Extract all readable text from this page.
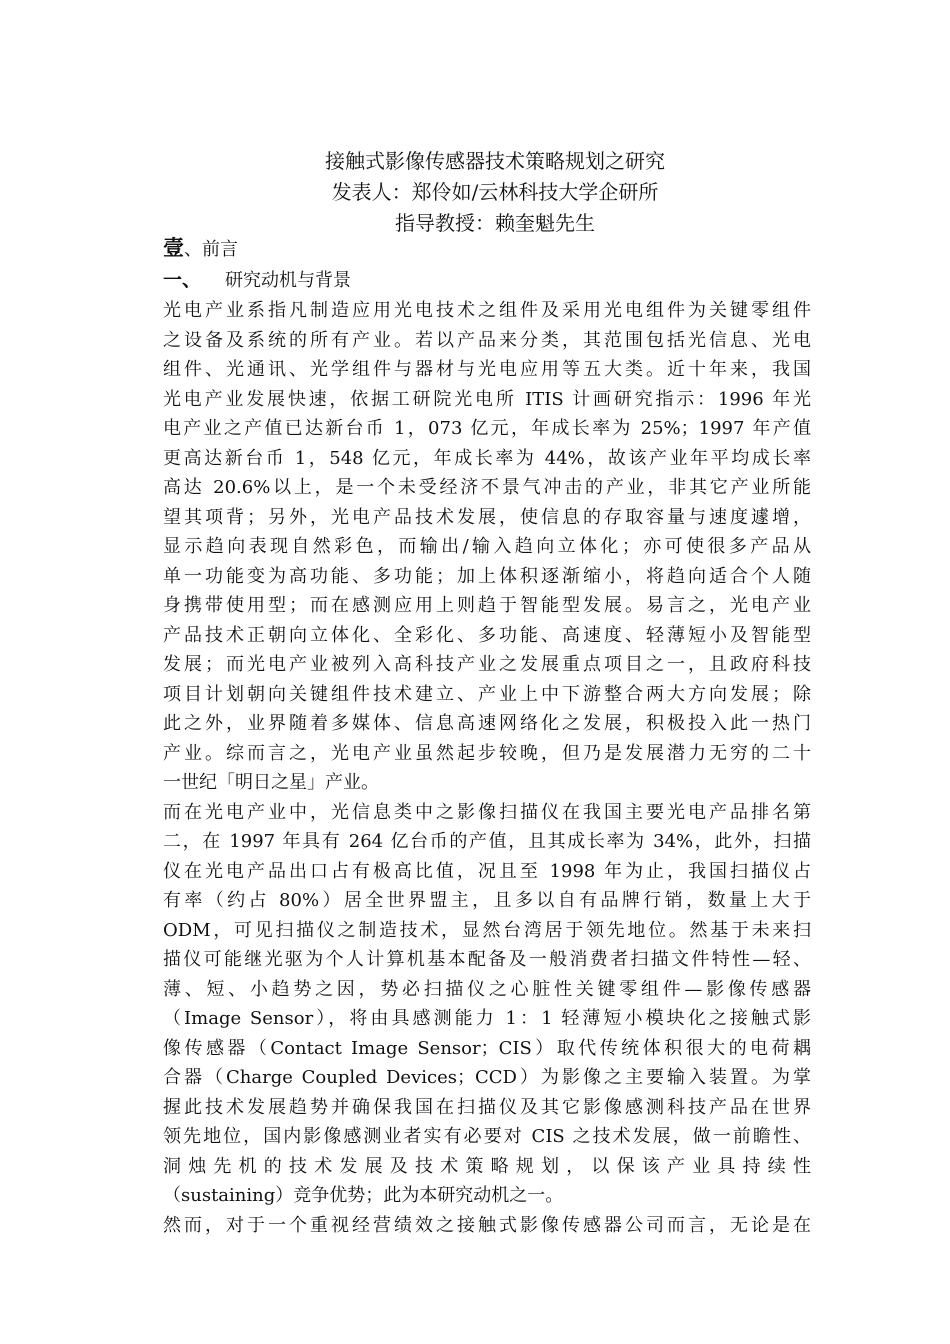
接触式影像传感器技术策略规划之研究
发表人：郑伶如/云林科技大学企研所
指导教授：赖奎魁先生
壹、前言
一、 研究动机与背景
光电产业系指凡制造应用光电技术之组件及采用光电组件为关键零组件
之设备及系统的所有产业。若以产品来分类，其范围包括光信息、光电
组件、光通讯、光学组件与器材与光电应用等五大类。近十年来，我国
光电产业发展快速，依据工研院光电所 ITIS 计画研究指示：1996 年光
电产业之产值已达新台币 1，073 亿元，年成长率为 25%；1997 年产值
更高达新台币 1，548 亿元，年成长率为 44%，故该产业年平均成长率
高达 20.6%以上，是一个未受经济不景气冲击的产业，非其它产业所能
望其项背；另外，光电产品技术发展，使信息的存取容量与速度遽增，
显示趋向表现自然彩色，而输出/输入趋向立体化；亦可使很多产品从
单一功能变为高功能、多功能；加上体积逐渐缩小，将趋向适合个人随
身携带使用型；而在感测应用上则趋于智能型发展。易言之，光电产业
产品技术正朝向立体化、全彩化、多功能、高速度、轻薄短小及智能型
发展；而光电产业被列入高科技产业之发展重点项目之一，且政府科技
项目计划朝向关键组件技术建立、产业上中下游整合两大方向发展；除
此之外，业界随着多媒体、信息高速网络化之发展，积极投入此一热门
产业。综而言之，光电产业虽然起步较晚，但乃是发展潜力无穷的二十
一世纪「明日之星」产业。
而在光电产业中，光信息类中之影像扫描仪在我国主要光电产品排名第
二，在 1997 年具有 264 亿台币的产值，且其成长率为 34%，此外，扫描
仪在光电产品出口占有极高比值，况且至 1998 年为止，我国扫描仪占
有率（约占 80%）居全世界盟主，且多以自有品牌行销，数量上大于
ODM，可见扫描仪之制造技术，显然台湾居于领先地位。然基于未来扫
描仪可能继光驱为个人计算机基本配备及一般消费者扫描文件特性—轻、
薄、短、小趋势之因，势必扫描仪之心脏性关键零组件—影像传感器
（Image Sensor），将由具感测能力 1：1 轻薄短小模块化之接触式影
像传感器（Contact Image Sensor；CIS）取代传统体积很大的电荷耦
合器（Charge Coupled Devices；CCD）为影像之主要输入装置。为掌
握此技术发展趋势并确保我国在扫描仪及其它影像感测科技产品在世界
领先地位，国内影像感测业者实有必要对 CIS 之技术发展，做一前瞻性、
洞烛先机的技术发展及技术策略规划，以保该产业具持续性
（sustaining）竞争优势；此为本研究动机之一。
然而，对于一个重视经营绩效之接触式影像传感器公司而言，无论是在
